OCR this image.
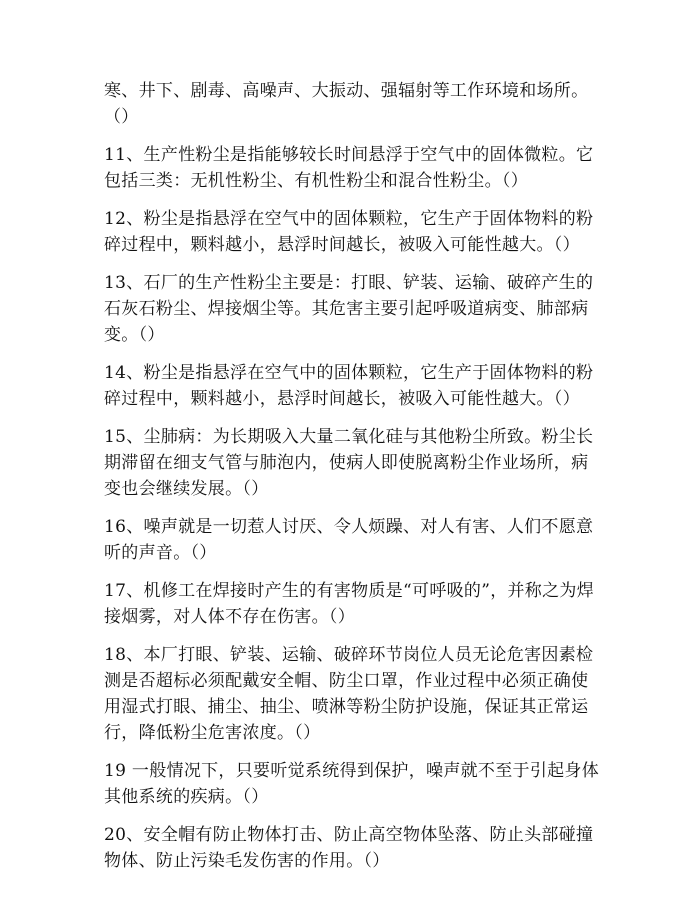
寒、井下、剧毒、高噪声、大振动、强辐射等工作环境和场所。
（）

11、生产性粉尘是指能够较长时间悬浮于空气中的固体微粒。它
包括三类：无机性粉尘、有机性粉尘和混合性粉尘。（）

12、粉尘是指悬浮在空气中的固体颗粒，它生产于固体物料的粉
碎过程中，颗料越小，悬浮时间越长，被吸入可能性越大。（）

13、石厂的生产性粉尘主要是：打眼、铲装、运输、破碎产生的
石灰石粉尘、焊接烟尘等。其危害主要引起呼吸道病变、肺部病
变。（）

14、粉尘是指悬浮在空气中的固体颗粒，它生产于固体物料的粉
碎过程中，颗料越小，悬浮时间越长，被吸入可能性越大。（）

15、尘肺病：为长期吸入大量二氧化硅与其他粉尘所致。粉尘长
期滞留在细支气管与肺泡内，使病人即使脱离粉尘作业场所，病
变也会继续发展。（）

16、噪声就是一切惹人讨厌、令人烦躁、对人有害、人们不愿意
听的声音。（）

17、机修工在焊接时产生的有害物质是“可呼吸的”，并称之为焊
接烟雾，对人体不存在伤害。（）

18、本厂打眼、铲装、运输、破碎环节岗位人员无论危害因素检
测是否超标必须配戴安全帽、防尘口罩，作业过程中必须正确使
用湿式打眼、捕尘、抽尘、喷淋等粉尘防护设施，保证其正常运
行，降低粉尘危害浓度。（）

19 一般情况下，只要听觉系统得到保护，噪声就不至于引起身体
其他系统的疾病。（）

20、安全帽有防止物体打击、防止高空物体坠落、防止头部碰撞
物体、防止污染毛发伤害的作用。（）
